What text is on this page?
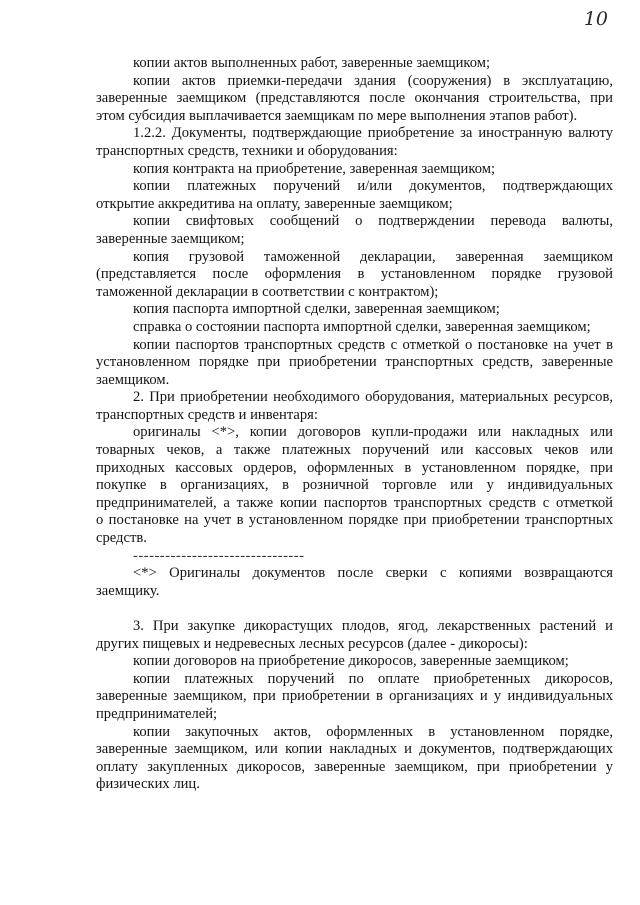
10
копии актов выполненных работ, заверенные заемщиком;
копии актов приемки-передачи здания (сооружения) в эксплуатацию,
заверенные заемщиком (представляются после окончания строительства, при
этом субсидия выплачивается заемщикам по мере выполнения этапов работ).
1.2.2. Документы, подтверждающие приобретение за иностранную валюту
транспортных средств, техники и оборудования:
копия контракта на приобретение, заверенная заемщиком;
копии платежных поручений и/или документов, подтверждающих
открытие аккредитива на оплату, заверенные заемщиком;
копии свифтовых сообщений о подтверждении перевода валюты,
заверенные заемщиком;
копия грузовой таможенной декларации, заверенная заемщиком
(представляется после оформления в установленном порядке грузовой
таможенной декларации в соответствии с контрактом);
копия паспорта импортной сделки, заверенная заемщиком;
справка о состоянии паспорта импортной сделки, заверенная заемщиком;
копии паспортов транспортных средств с отметкой о постановке на учет в
установленном порядке при приобретении транспортных средств, заверенные
заемщиком.
2. При приобретении необходимого оборудования, материальных ресурсов,
транспортных средств и инвентаря:
оригиналы <*>, копии договоров купли-продажи или накладных или
товарных чеков, а также платежных поручений или кассовых чеков или
приходных кассовых ордеров, оформленных в установленном порядке, при
покупке в организациях, в розничной торговле или у индивидуальных
предпринимателей, а также копии паспортов транспортных средств с отметкой
о постановке на учет в установленном порядке при приобретении транспортных
средств.
--------------------------------
<*> Оригиналы документов после сверки с копиями возвращаются
заемщику.
3. При закупке дикорастущих плодов, ягод, лекарственных растений и
других пищевых и недревесных лесных ресурсов (далее - дикоросы):
копии договоров на приобретение дикоросов, заверенные заемщиком;
копии платежных поручений по оплате приобретенных дикоросов,
заверенные заемщиком, при приобретении в организациях и у индивидуальных
предпринимателей;
копии закупочных актов, оформленных в установленном порядке,
заверенные заемщиком, или копии накладных и документов, подтверждающих
оплату закупленных дикоросов, заверенные заемщиком, при приобретении у
физических лиц.
